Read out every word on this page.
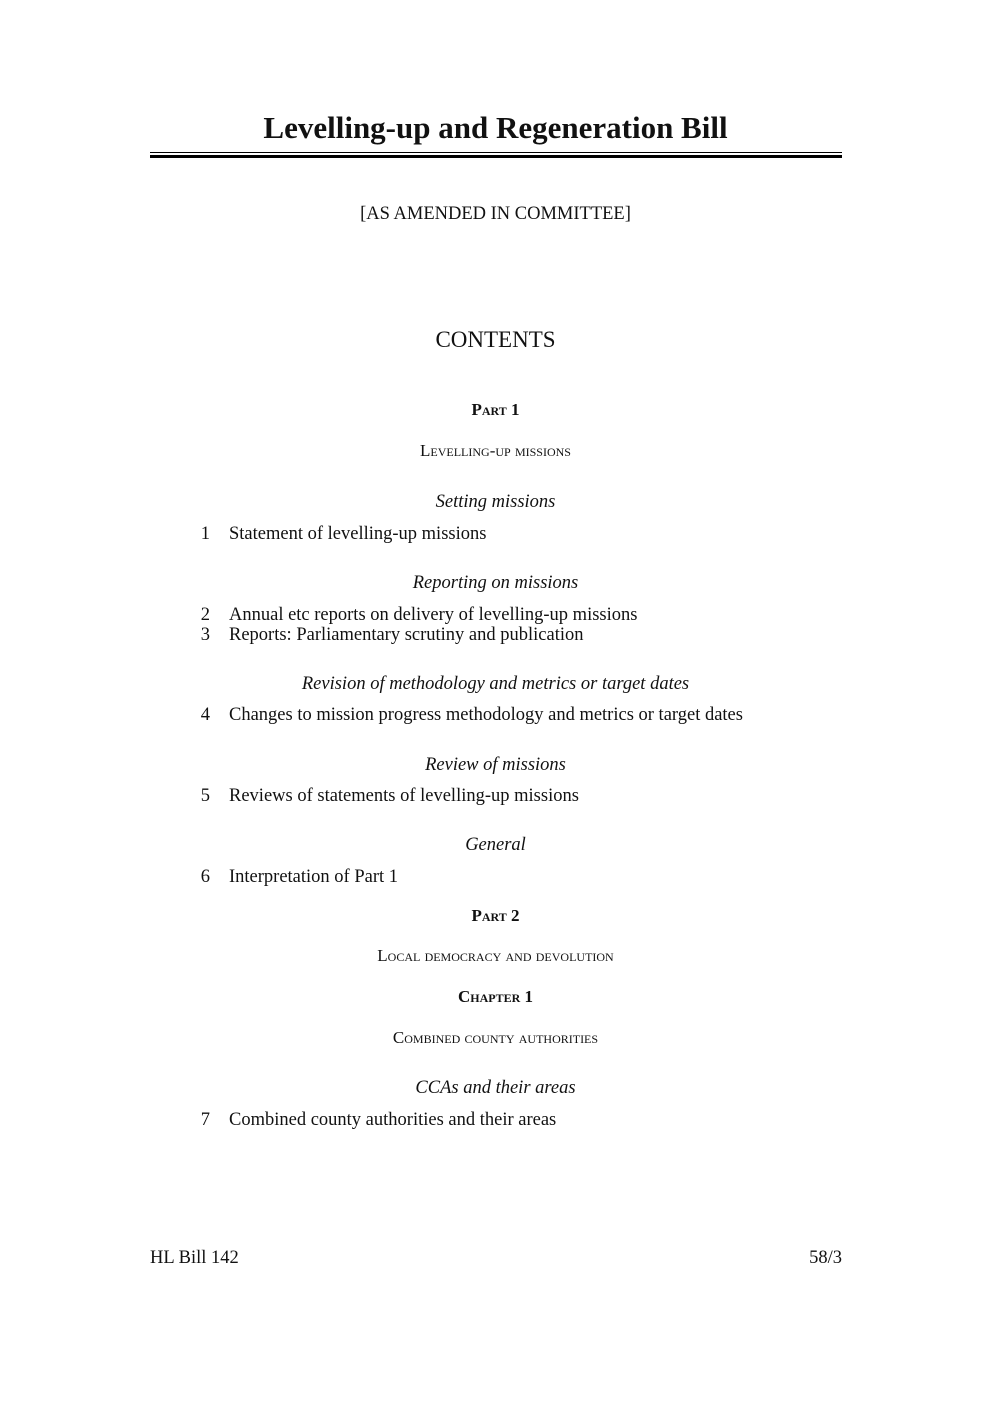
Levelling-up and Regeneration Bill
[AS AMENDED IN COMMITTEE]
CONTENTS
Part 1
Levelling-up missions
Setting missions
1 Statement of levelling-up missions
Reporting on missions
2 Annual etc reports on delivery of levelling-up missions
3 Reports: Parliamentary scrutiny and publication
Revision of methodology and metrics or target dates
4 Changes to mission progress methodology and metrics or target dates
Review of missions
5 Reviews of statements of levelling-up missions
General
6 Interpretation of Part 1
Part 2
Local democracy and devolution
Chapter 1
Combined county authorities
CCAs and their areas
7 Combined county authorities and their areas
HL Bill 142	58/3
